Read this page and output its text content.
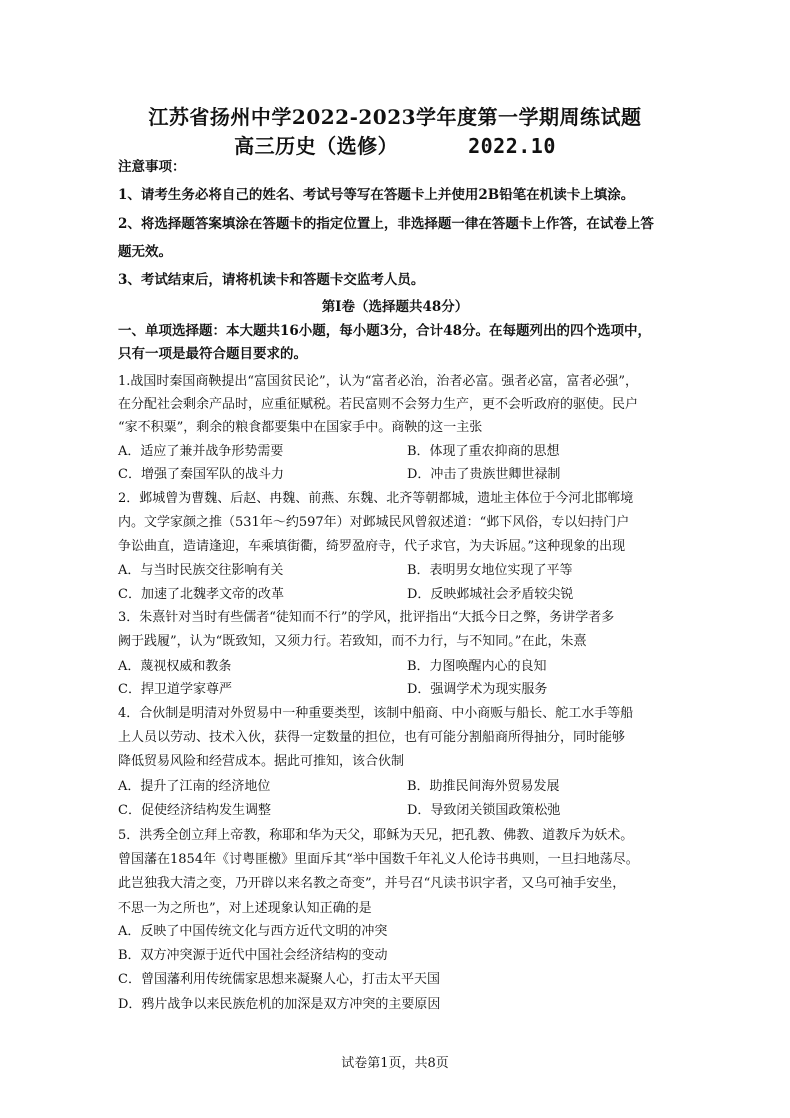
江苏省扬州中学2022-2023学年度第一学期周练试题
高三历史（选修）	2022.10
注意事项：
1、请考生务必将自己的姓名、考试号等写在答题卡上并使用2B铅笔在机读卡上填涂。
2、将选择题答案填涂在答题卡的指定位置上，非选择题一律在答题卡上作答，在试卷上答
题无效。
3、考试结束后，请将机读卡和答题卡交监考人员。
第Ⅰ卷（选择题共48分）
一、单项选择题：本大题共16小题，每小题3分，合计48分。在每题列出的四个选项中，
只有一项是最符合题目要求的。
1.战国时秦国商鞅提出“富国贫民论”，认为“富者必治，治者必富。强者必富，富者必强”，
在分配社会剩余产品时，应重征赋税。若民富则不会努力生产，更不会听政府的驱使。民户
“家不积粟”，剩余的粮食都要集中在国家手中。商鞅的这一主张
A．适应了兼并战争形势需要	B．体现了重农抑商的思想
C．增强了秦国军队的战斗力	D．冲击了贵族世卿世禄制
2．邺城曾为曹魏、后赵、冉魏、前燕、东魏、北齐等朝都城，遗址主体位于今河北邯郸境
内。文学家颜之推（531年～约597年）对邺城民风曾叙述道：“邺下风俗，专以妇持门户
争讼曲直，造请逢迎，车乘填街衢，绮罗盈府寺，代子求官，为夫诉屈。”这种现象的出现
A．与当时民族交往影响有关	B．表明男女地位实现了平等
C．加速了北魏孝文帝的改革	D．反映邺城社会矛盾较尖锐
3．朱熹针对当时有些儒者“徒知而不行”的学风，批评指出“大抵今日之弊，务讲学者多
阙于践履”，认为“既致知，又须力行。若致知，而不力行，与不知同。”在此，朱熹
A．蔑视权威和教条	B．力图唤醒内心的良知
C．捍卫道学家尊严	D．强调学术为现实服务
4．合伙制是明清对外贸易中一种重要类型，该制中船商、中小商贩与船长、舵工水手等船
上人员以劳动、技术入伙，获得一定数量的担位，也有可能分割船商所得抽分，同时能够
降低贸易风险和经营成本。据此可推知，该合伙制
A．提升了江南的经济地位	B．助推民间海外贸易发展
C．促使经济结构发生调整	D．导致闭关锁国政策松弛
5．洪秀全创立拜上帝教，称耶和华为天父，耶稣为天兄，把孔教、佛教、道教斥为妖术。
曾国藩在1854年《讨粤匪檄》里面斥其“举中国数千年礼义人伦诗书典则，一旦扫地荡尽。
此岂独我大清之变，乃开辟以来名教之奇变”，并号召“凡读书识字者，又乌可袖手安坐，
不思一为之所也”，对上述现象认知正确的是
A．反映了中国传统文化与西方近代文明的冲突
B．双方冲突源于近代中国社会经济结构的变动
C．曾国藩利用传统儒家思想来凝聚人心，打击太平天国
D．鸦片战争以来民族危机的加深是双方冲突的主要原因
试卷第1页，共8页
